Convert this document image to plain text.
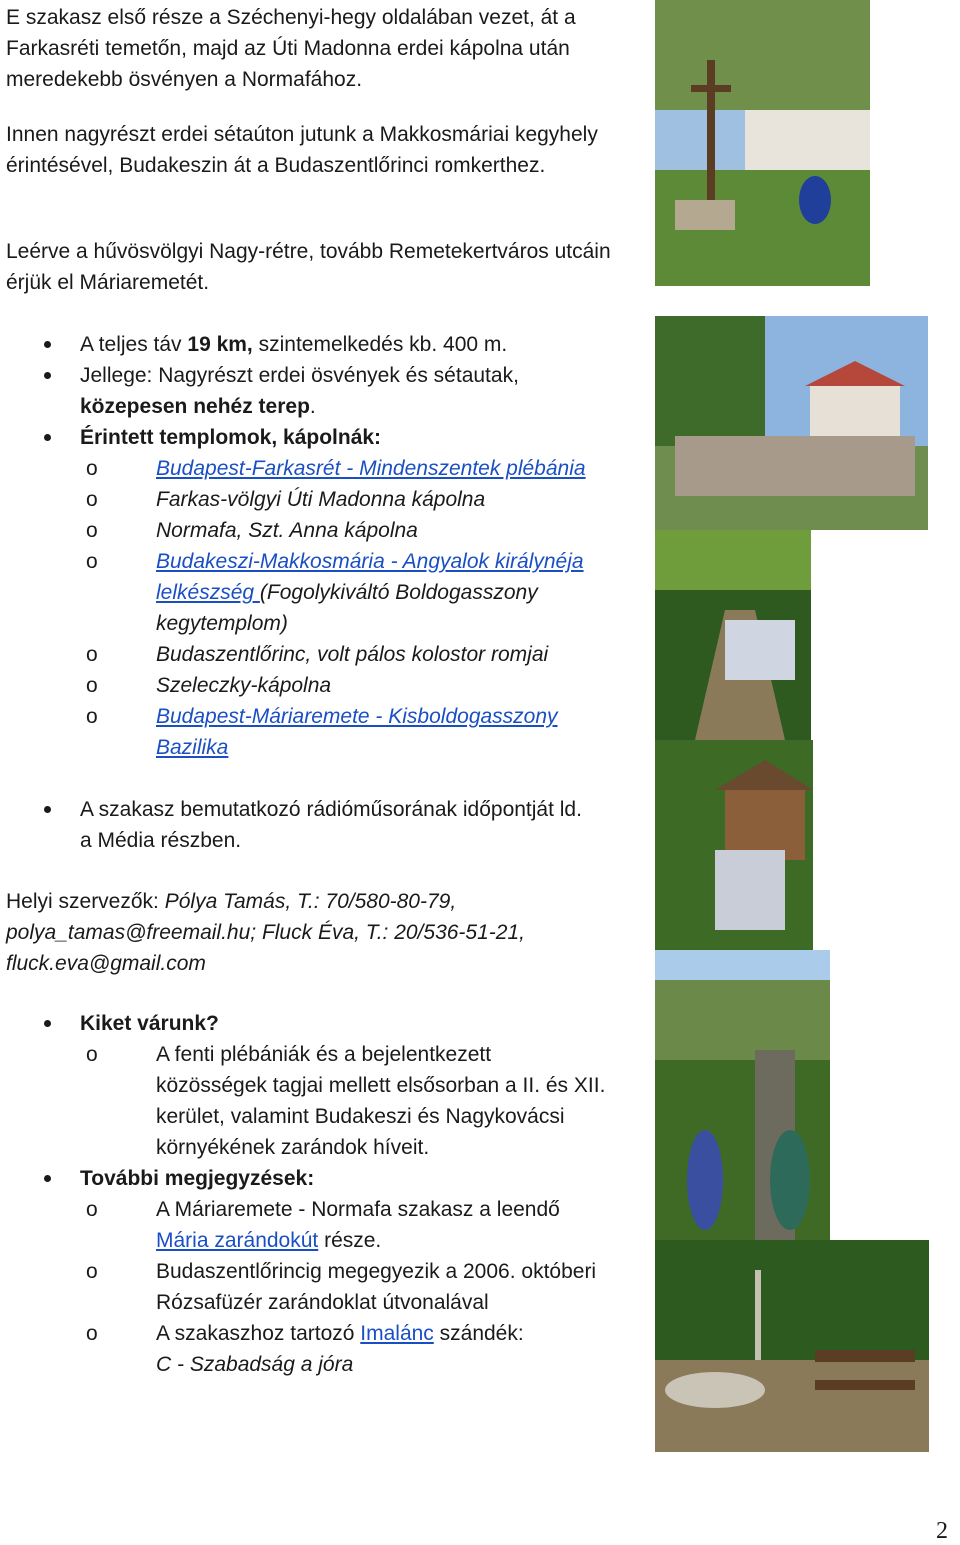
E szakasz első része a Széchenyi-hegy oldalában vezet, át a Farkasréti temetőn, majd az Úti Madonna erdei kápolna után meredekebb ösvényen a Normafához.

Innen nagyrészt erdei sétaúton jutunk a Makkosmáriai kegyhely érintésével, Budakeszin át a Budaszentlőrinci romkerthez.

Leérve a hűvösvölgyi Nagy-rétre, tovább Remetekertváros utcáin érjük el Máriaremetét.

A teljes táv 19 km, szintemelkedés kb. 400 m.
Jellege: Nagyrészt erdei ösvények és sétautak,
közepesen nehéz terep.
Érintett templomok, kápolnák:
o	Budapest-Farkasrét - Mindenszentek plébánia
o	Farkas-völgyi Úti Madonna kápolna
o	Normafa, Szt. Anna kápolna
o	Budakeszi-Makkosmária - Angyalok királynéja
lelkészség (Fogolykiváltó Boldogasszony
kegytemplom)
o	Budaszentlőrinc, volt pálos kolostor romjai
o	Szeleczky-kápolna
o	Budapest-Máriaremete - Kisboldogasszony
Bazilika
A szakasz bemutatkozó rádióműsorának időpontját ld.
a Média részben.
Helyi szervezők: Pólya Tamás, T.: 70/580-80-79,
polya_tamas@freemail.hu; Fluck Éva, T.: 20/536-51-21,
fluck.eva@gmail.com
Kiket várunk?
o	A fenti plébániák és a bejelentkezett
közösségek tagjai mellett elsősorban a II. és XII.
kerület, valamint Budakeszi és Nagykovácsi
környékének zarándok híveit.
További megjegyzések:
o	A Máriaremete - Normafa szakasz a leendő
Mária zarándokút része.
o	Budaszentlőrincig megegyezik a 2006. októberi
Rózsafüzér zarándoklat útvonalával
o	A szakaszhoz tartozó Imalánc szándék:
C - Szabadság a jóra
2
